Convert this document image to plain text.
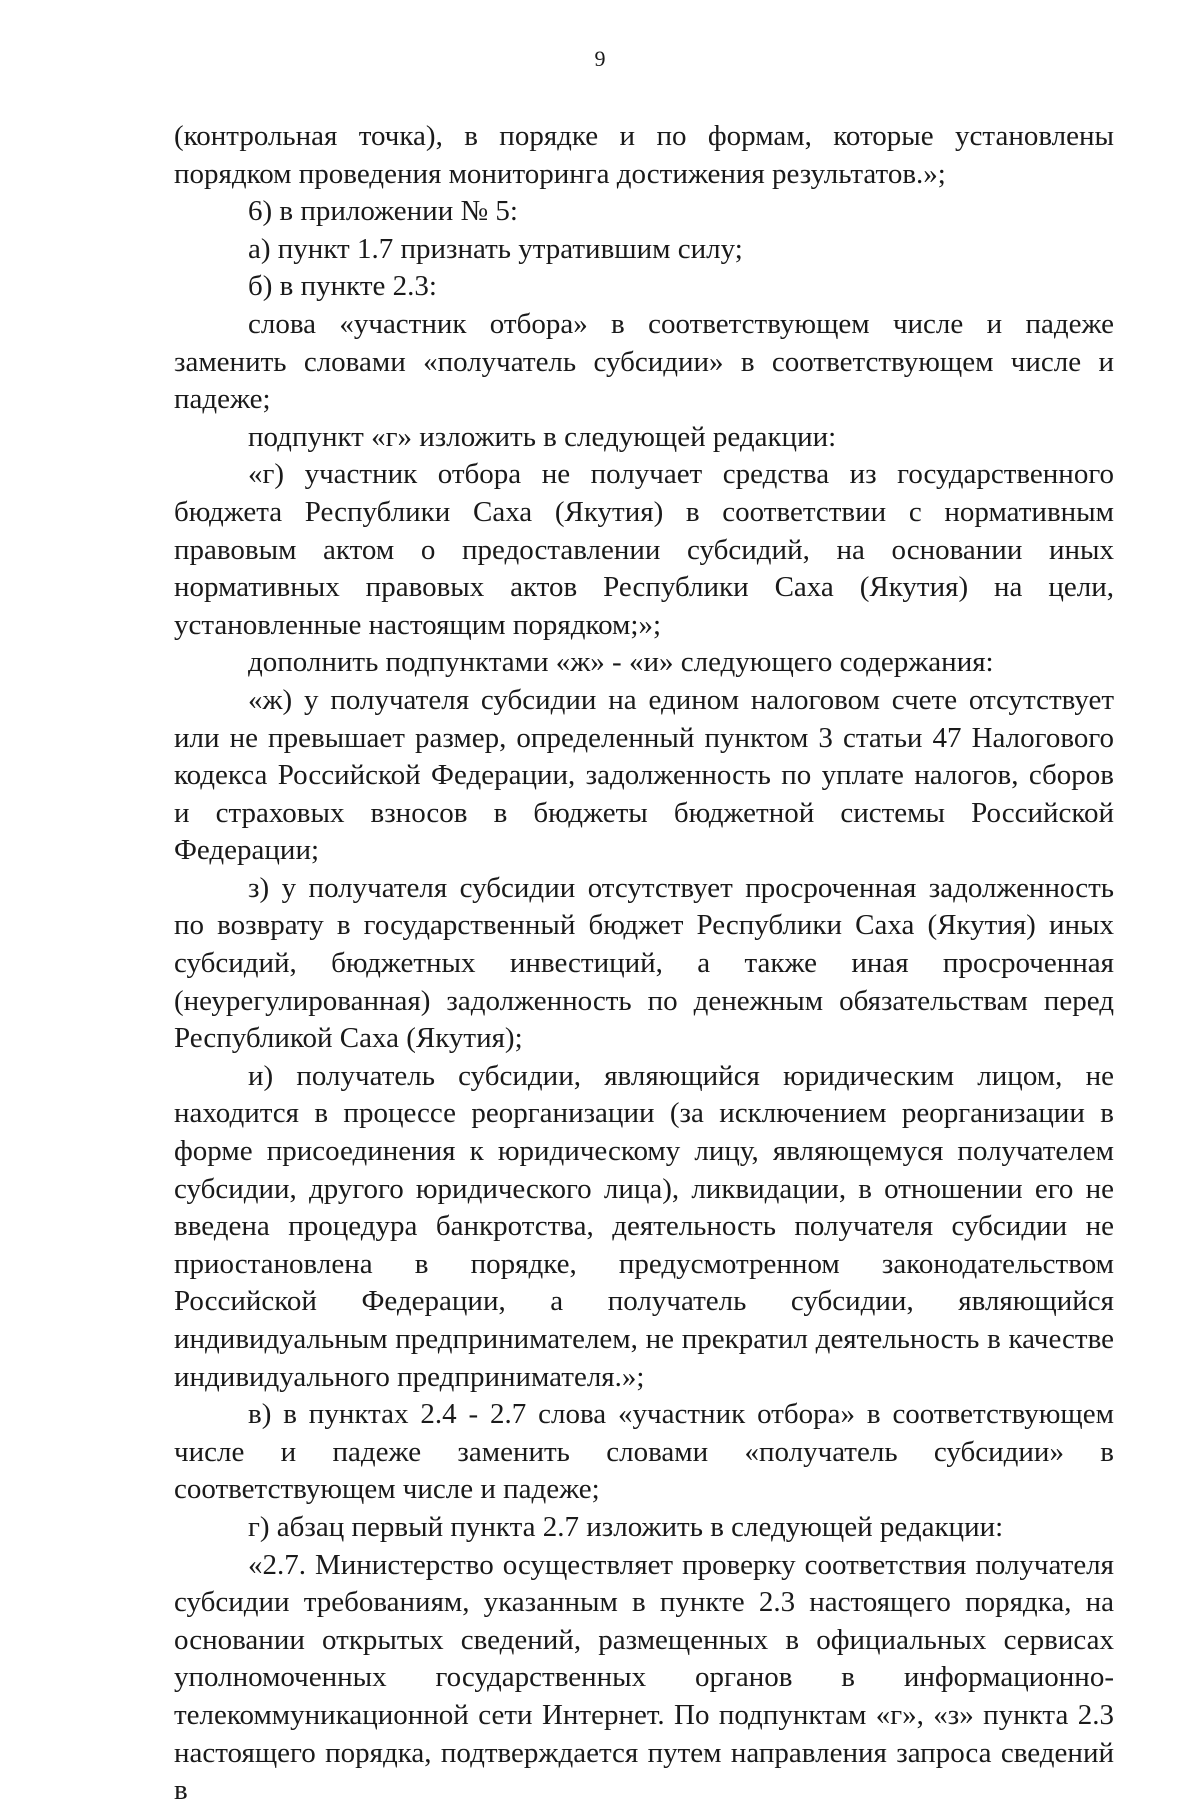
9

(контрольная точка), в порядке и по формам, которые установлены порядком проведения мониторинга достижения результатов.»;

6) в приложении № 5:

а) пункт 1.7 признать утратившим силу;

б) в пункте 2.3:

слова «участник отбора» в соответствующем числе и падеже заменить словами «получатель субсидии» в соответствующем числе и падеже;

подпункт «г» изложить в следующей редакции:

«г) участник отбора не получает средства из государственного бюджета Республики Саха (Якутия) в соответствии с нормативным правовым актом о предоставлении субсидий, на основании иных нормативных правовых актов Республики Саха (Якутия) на цели, установленные настоящим порядком;»;

дополнить подпунктами «ж» - «и» следующего содержания:

«ж) у получателя субсидии на едином налоговом счете отсутствует или не превышает размер, определенный пунктом 3 статьи 47 Налогового кодекса Российской Федерации, задолженность по уплате налогов, сборов и страховых взносов в бюджеты бюджетной системы Российской Федерации;

з) у получателя субсидии отсутствует просроченная задолженность по возврату в государственный бюджет Республики Саха (Якутия) иных субсидий, бюджетных инвестиций, а также иная просроченная (неурегулированная) задолженность по денежным обязательствам перед Республикой Саха (Якутия);

и) получатель субсидии, являющийся юридическим лицом, не находится в процессе реорганизации (за исключением реорганизации в форме присоединения к юридическому лицу, являющемуся получателем субсидии, другого юридического лица), ликвидации, в отношении его не введена процедура банкротства, деятельность получателя субсидии не приостановлена в порядке, предусмотренном законодательством Российской Федерации, а получатель субсидии, являющийся индивидуальным предпринимателем, не прекратил деятельность в качестве индивидуального предпринимателя.»;

в) в пунктах 2.4 - 2.7 слова «участник отбора» в соответствующем числе и падеже заменить словами «получатель субсидии» в соответствующем числе и падеже;

г) абзац первый пункта 2.7 изложить в следующей редакции:

«2.7. Министерство осуществляет проверку соответствия получателя субсидии требованиям, указанным в пункте 2.3 настоящего порядка, на основании открытых сведений, размещенных в официальных сервисах уполномоченных государственных органов в информационно-телекоммуникационной сети Интернет. По подпунктам «г», «з» пункта 2.3 настоящего порядка, подтверждается путем направления запроса сведений в
